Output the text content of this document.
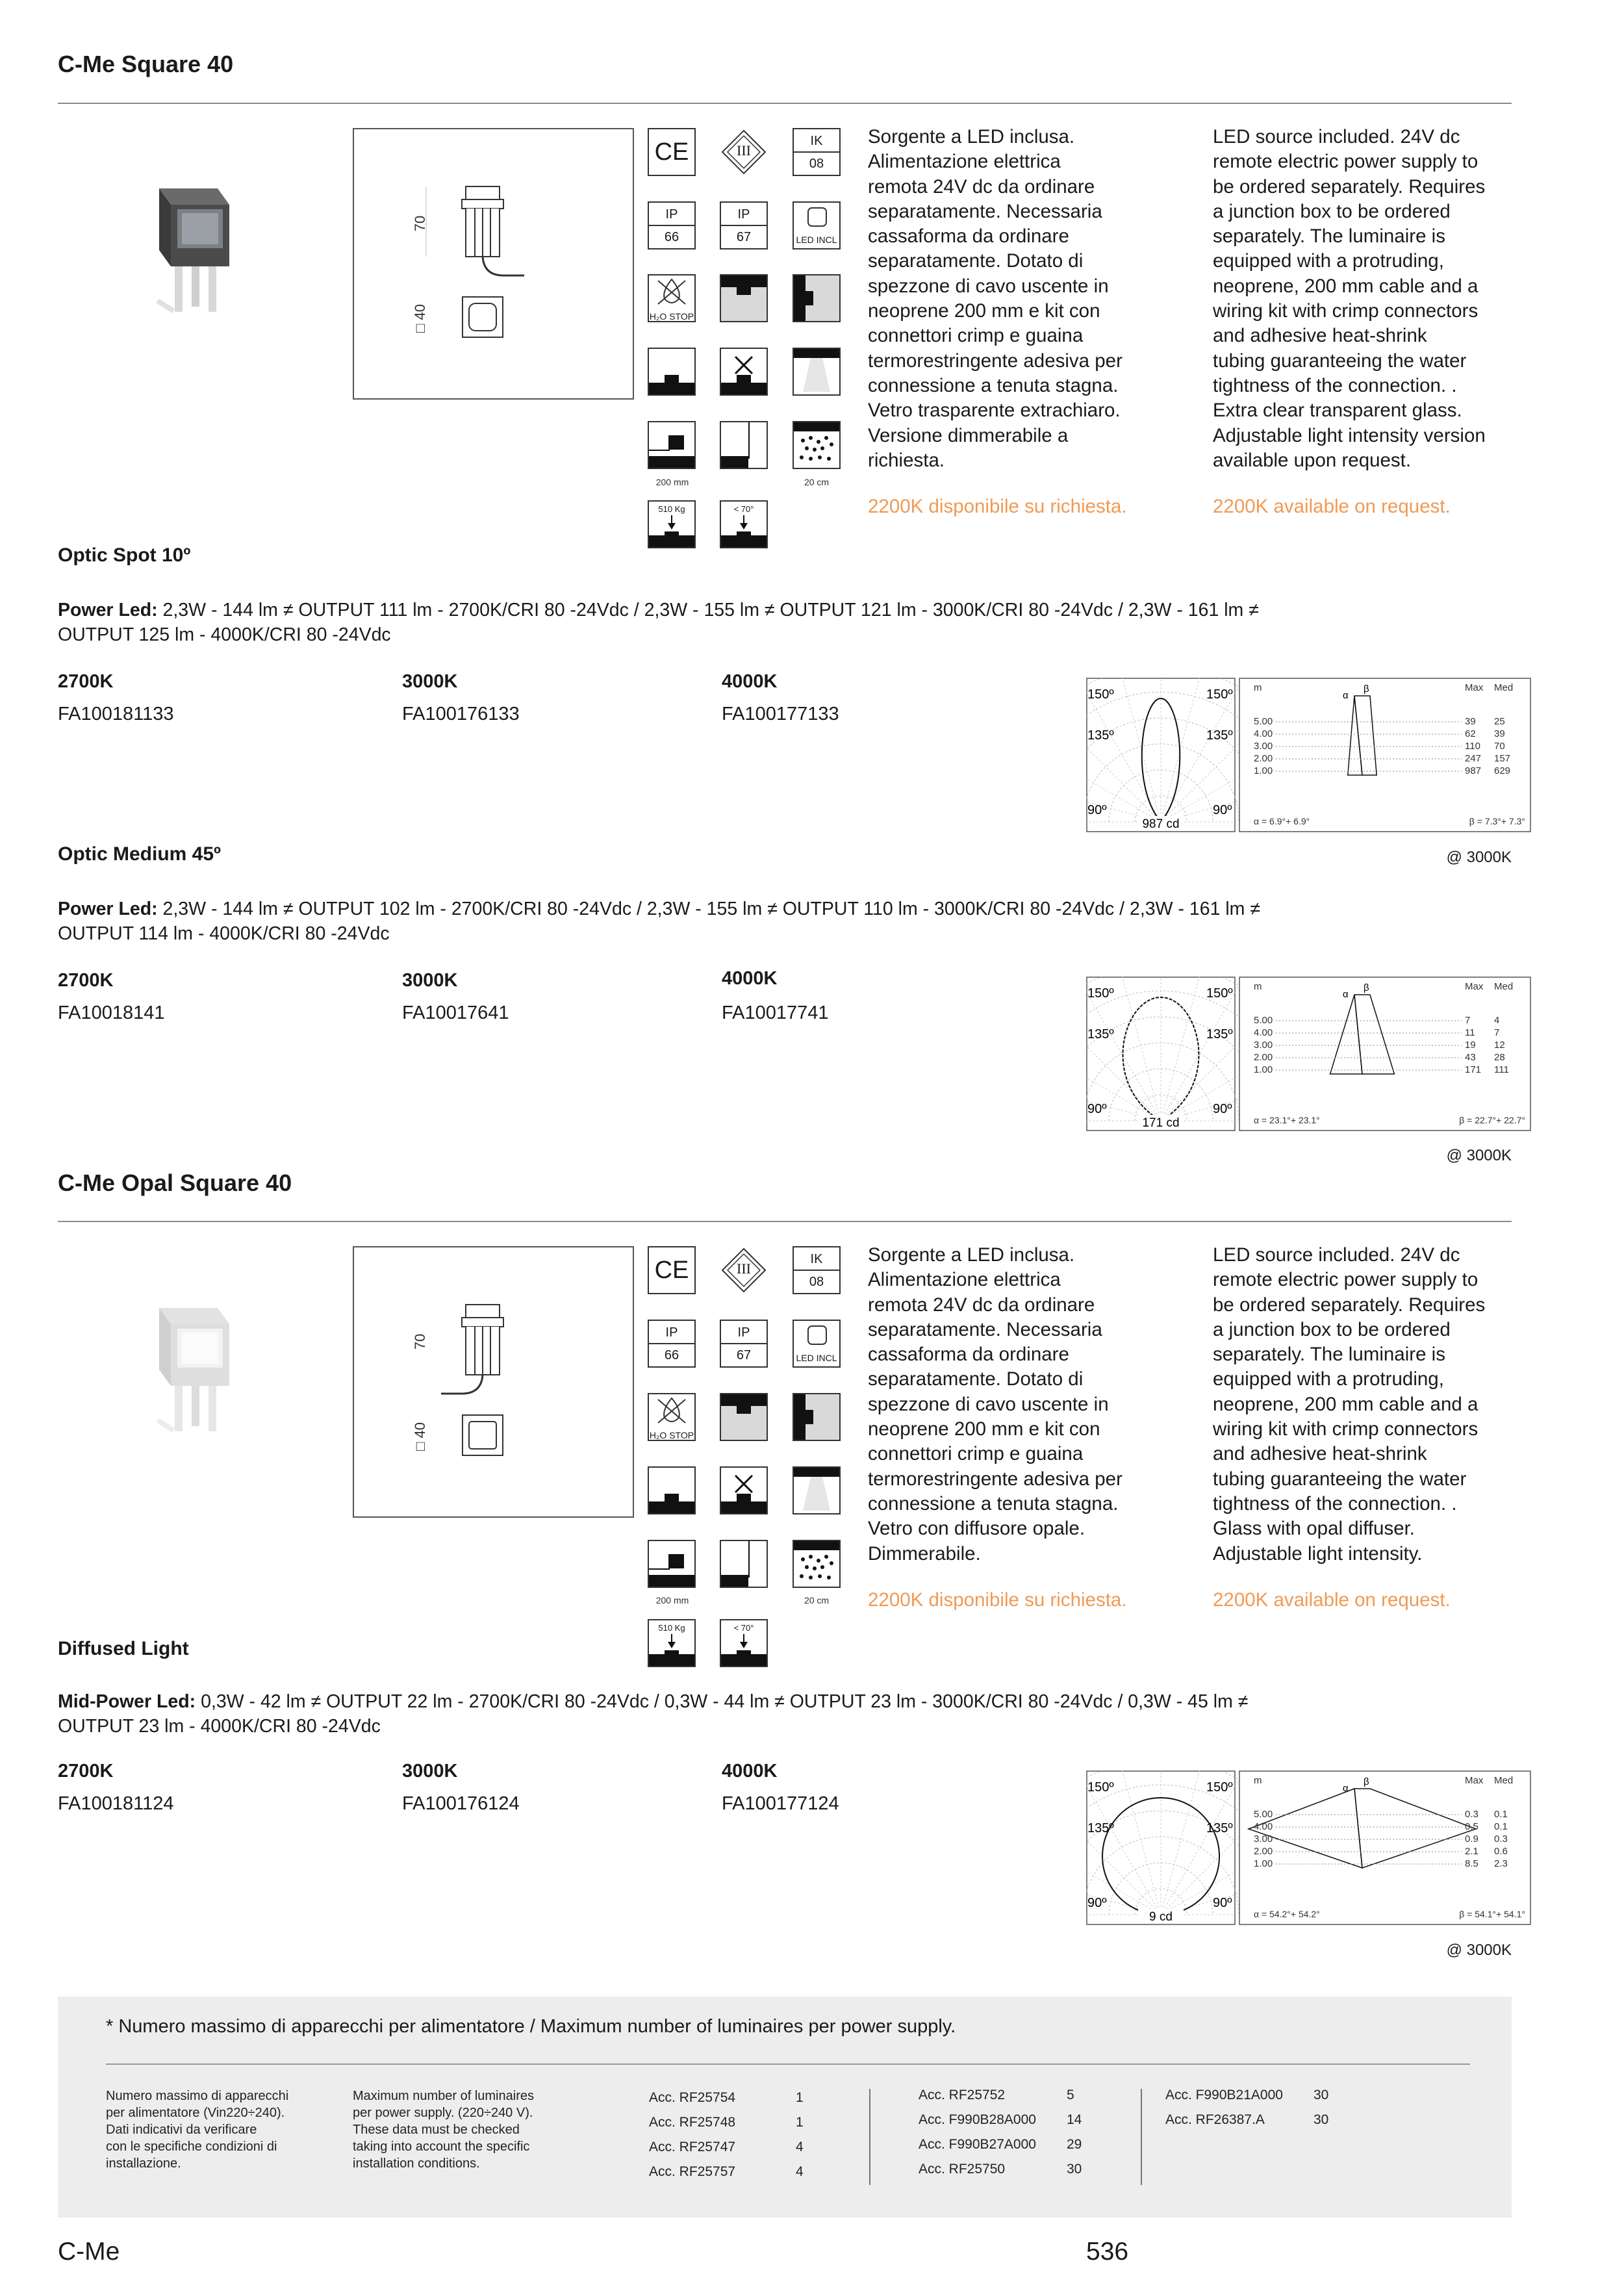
C-Me Square 40
70
□ 40
CE	III
IK
08
IP
66
IP
67	LED INCL
H₂O STOP
200 mm	20 cm
510 Kg	< 70°
Sorgente a LED inclusa.
Alimentazione elettrica
remota 24V dc da ordinare
separatamente. Necessaria
cassaforma da ordinare
separatamente. Dotato di
spezzone di cavo uscente in
neoprene 200 mm e kit con
connettori crimp e guaina
termorestringente adesiva per
connessione a tenuta stagna.
Vetro trasparente extrachiaro.
Versione dimmerabile a
richiesta.
LED source included. 24V dc
remote electric power supply to
be ordered separately. Requires
a junction box to be ordered
separately. The luminaire is
equipped with a protruding,
neoprene, 200 mm cable and a
wiring kit with crimp connectors
and adhesive heat-shrink
tubing guaranteeing the water
tightness of the connection. .
Extra clear transparent glass.
Adjustable light intensity version
available upon request.
2200K disponibile su richiesta.	2200K available on request.
Optic Spot 10º
Power Led: 2,3W - 144 lm ≠ OUTPUT 111 lm - 2700K/CRI 80 -24Vdc / 2,3W - 155 lm ≠ OUTPUT 121 lm - 3000K/CRI 80 -24Vdc / 2,3W - 161 lm ≠
OUTPUT 125 lm - 4000K/CRI 80 -24Vdc
2700K
FA100181133
3000K
FA100176133
4000K
FA100177133
150º	150º
135º	135º
90º	90º
987 cd
m	Max Med
α
β
5.00	39 25
4.00	62 39
3.00	110 70
2.00	247 157
1.00	987 629
α = 6.9°+ 6.9°	β = 7.3°+ 7.3°
@ 3000K
Optic Medium 45º
Power Led: 2,3W - 144 lm ≠ OUTPUT 102 lm - 2700K/CRI 80 -24Vdc / 2,3W - 155 lm ≠ OUTPUT 110 lm - 3000K/CRI 80 -24Vdc / 2,3W - 161 lm ≠
OUTPUT 114 lm - 4000K/CRI 80 -24Vdc
2700K
FA10018141
3000K
FA10017641
4000K
FA10017741
150º	150º
135º	135º
90º	90º
171 cd
m	Max Med
α
β
5.00	7 4
4.00	11 7
3.00	19 12
2.00	43 28
1.00	171 111
α = 23.1°+ 23.1°	β = 22.7°+ 22.7°
@ 3000K
C-Me Opal Square 40
70
□ 40
CE	III
IK
08
IP
66
IP
67	LED INCL
H₂O STOP
200 mm	20 cm
510 Kg	< 70°
Sorgente a LED inclusa.
Alimentazione elettrica
remota 24V dc da ordinare
separatamente. Necessaria
cassaforma da ordinare
separatamente. Dotato di
spezzone di cavo uscente in
neoprene 200 mm e kit con
connettori crimp e guaina
termorestringente adesiva per
connessione a tenuta stagna.
Vetro con diffusore opale.
Dimmerabile.
LED source included. 24V dc
remote electric power supply to
be ordered separately. Requires
a junction box to be ordered
separately. The luminaire is
equipped with a protruding,
neoprene, 200 mm cable and a
wiring kit with crimp connectors
and adhesive heat-shrink
tubing guaranteeing the water
tightness of the connection. .
Glass with opal diffuser.
Adjustable light intensity.
2200K disponibile su richiesta.	2200K available on request.
Diffused Light
Mid-Power Led: 0,3W - 42 lm ≠ OUTPUT 22 lm - 2700K/CRI 80 -24Vdc / 0,3W - 44 lm ≠ OUTPUT 23 lm - 3000K/CRI 80 -24Vdc / 0,3W - 45 lm ≠
OUTPUT 23 lm - 4000K/CRI 80 -24Vdc
2700K
FA100181124
3000K
FA100176124
4000K
FA100177124
150º	150º
135º	135º
90º	90º
9 cd
m	Max Med
α
β
5.00	0.3 0.1
4.00	0.5 0.1
3.00	0.9 0.3
2.00	2.1 0.6
1.00	8.5 2.3
α = 54.2°+ 54.2°	β = 54.1°+ 54.1°
@ 3000K
* Numero massimo di apparecchi per alimentatore / Maximum number of luminaires per power supply.
Numero massimo di apparecchi
per alimentatore (Vin220÷240).
Dati indicativi da verificare
con le specifiche condizioni di
installazione.
Maximum number of luminaires
per power supply. (220÷240 V).
These data must be checked
taking into account the specific
installation conditions.
Acc. RF25754	1
Acc. RF25748	1
Acc. RF25747	4
Acc. RF25757	4
Acc. RF25752	5
Acc. F990B28A000 14
Acc. F990B27A000 29
Acc. RF25750	30
Acc. F990B21A000 30
Acc. RF26387.A	30
C-Me	536
